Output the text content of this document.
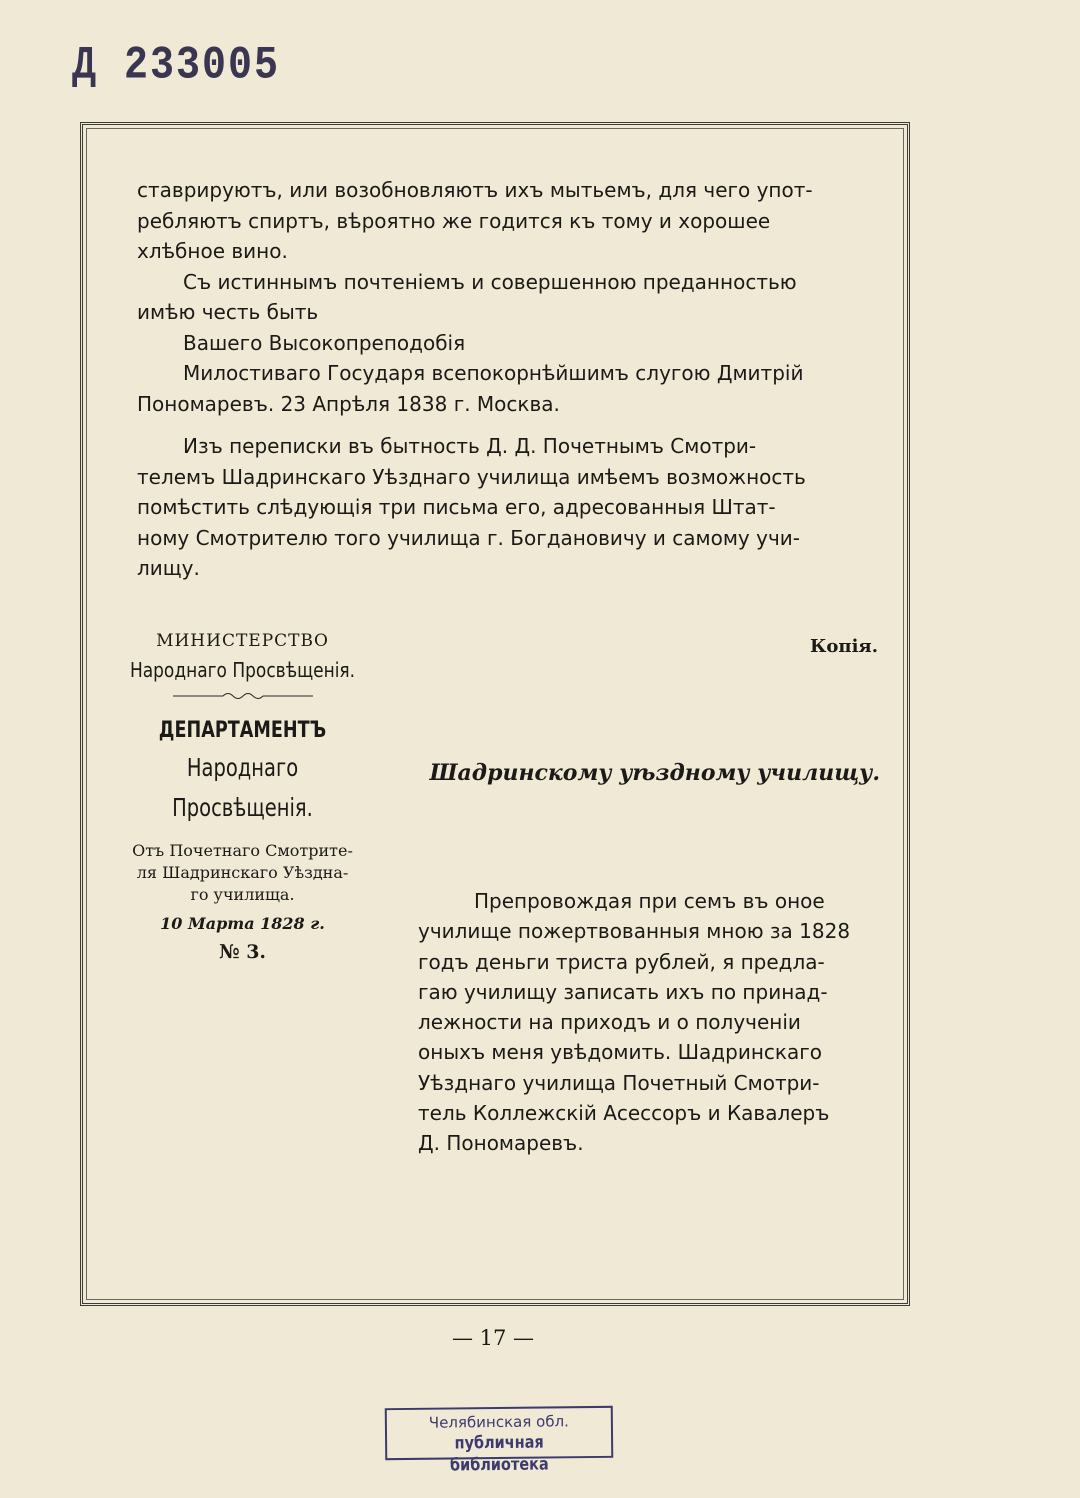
Д 233005

ставрируютъ, или возобновляютъ ихъ мытьемъ, для чего упот-

ребляютъ спиртъ, вѣроятно же годится къ тому и хорошее

хлѣбное вино.

Съ истиннымъ почтеніемъ и совершенною преданностью

имѣю честь быть

Вашего Высокопреподобія

Милостиваго Государя всепокорнѣйшимъ слугою Дмитрій

Пономаревъ. 23 Апрѣля 1838 г. Москва.

Изъ переписки въ бытность Д. Д. Почетнымъ Смотри-

телемъ Шадринскаго Уѣзднаго училища имѣемъ возможность

помѣстить слѣдующія три письма его, адресованныя Штат-

ному Смотрителю того училища г. Богдановичу и самому учи-

лищу.

МИНИСТЕРСТВО
Народнаго Просвѣщенія.
ДЕПАРТАМЕНТЪ
Народнаго Просвѣщенія.
Отъ Почетнаго Смотрите-
ля Шадринскаго Уѣздна-
го училища.
10 Марта 1828 г.
№ 3.
Копія.
Шадринскому уѣздному училищу.

Препровождая при семъ въ оное

училище пожертвованныя мною за 1828

годъ деньги триста рублей, я предла-

гаю училищу записать ихъ по принад-

лежности на приходъ и о полученіи

оныхъ меня увѣдомить. Шадринскаго

Уѣзднаго училища Почетный Смотри-

тель Коллежскій Асессоръ и Кавалеръ

Д. Пономаревъ.

— 17 —
Челябинская обл.
публичная библиотека
